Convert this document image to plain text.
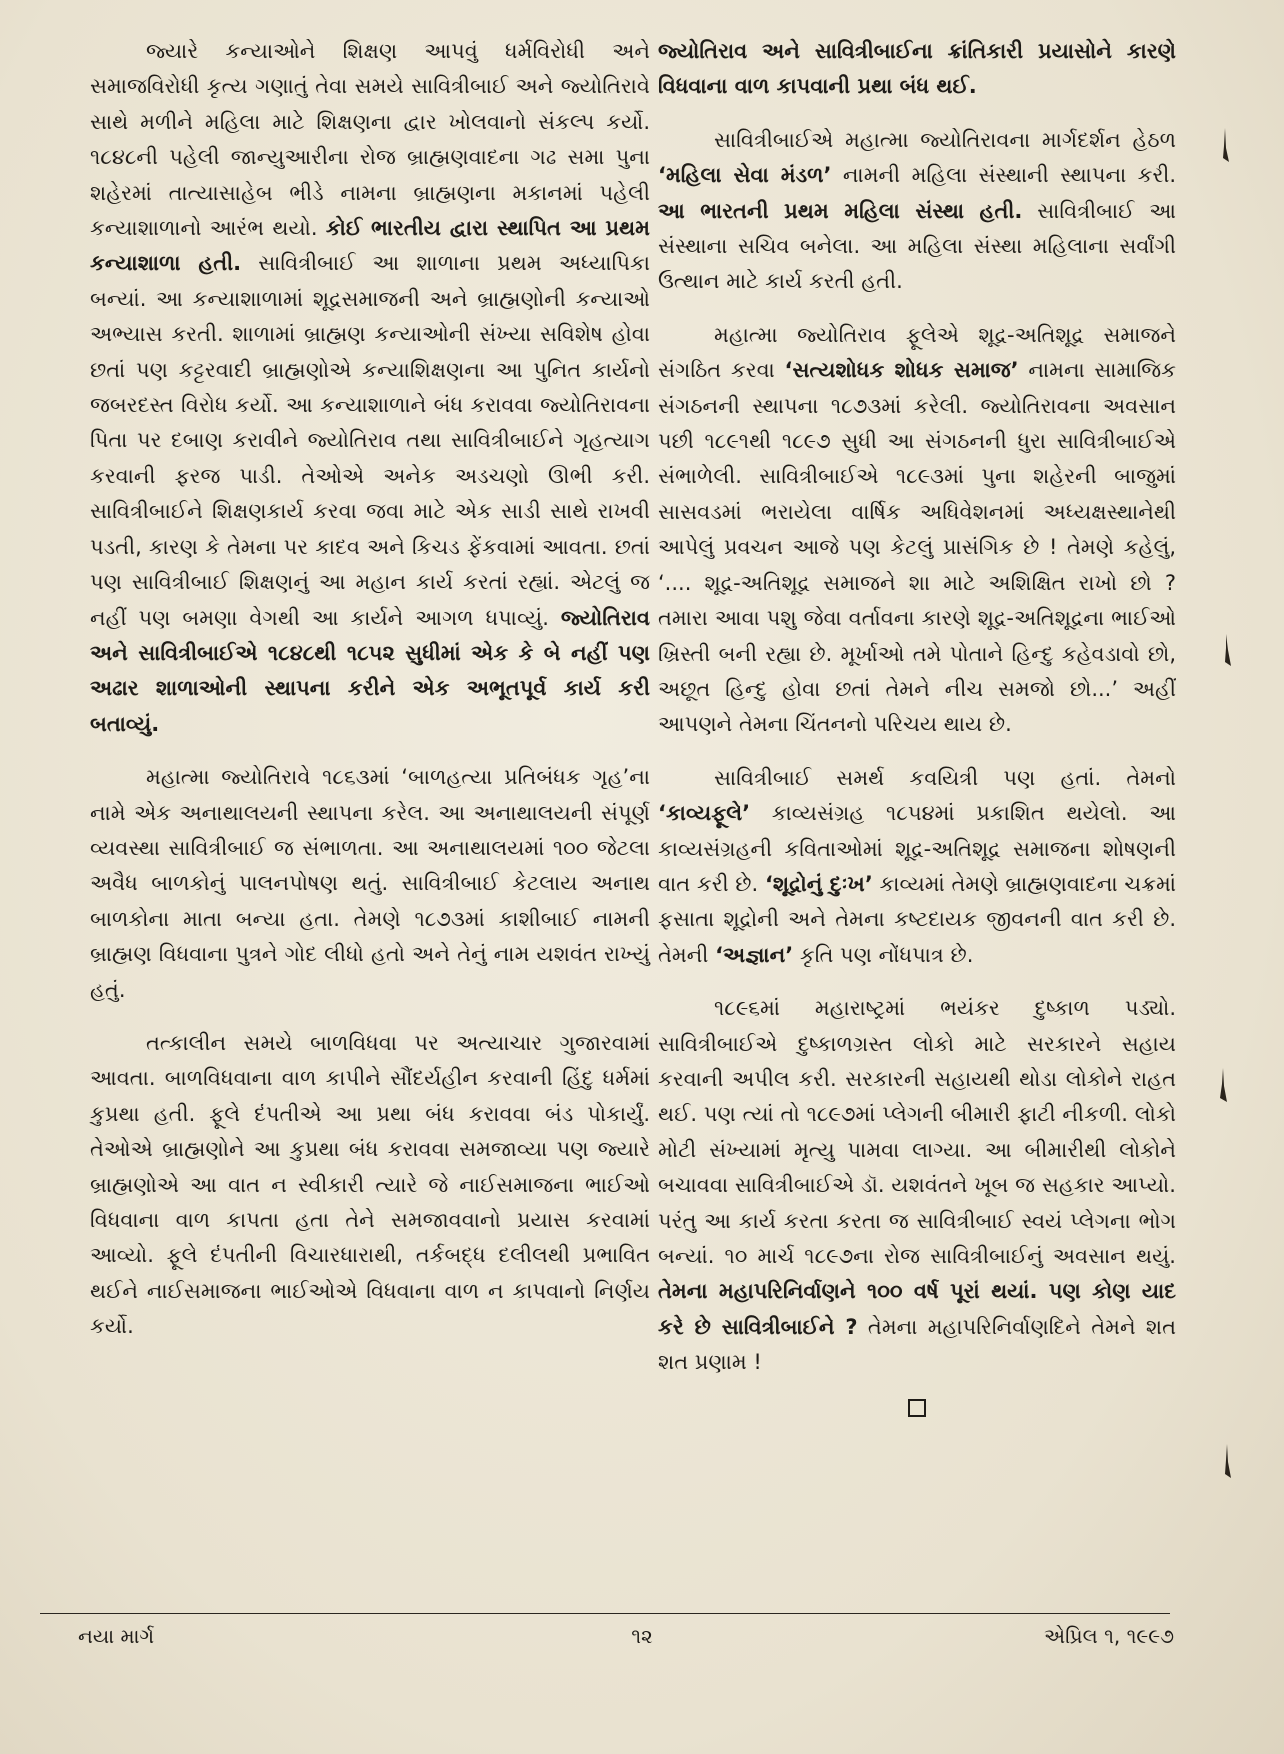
જ્યારે કન્યાઓને શિક્ષણ આપવું ધર્મવિરોધી અને સમાજવિરોધી કૃત્ય ગણાતું તેવા સમયે સાવિત્રીબાઈ અને જ્યોતિરાવે સાથે મળીને મહિલા માટે શિક્ષણના દ્વાર ખોલવાનો સંકલ્પ કર્યો. ૧૮૪૮ની પહેલી જાન્યુઆરીના રોજ બ્રાહ્મણવાદના ગઢ સમા પુના શહેરમાં તાત્યાસાહેબ ભીડે નામના બ્રાહ્મણના મકાનમાં પહેલી કન્યાશાળાનો આરંભ થયો. કોઈ ભારતીય દ્વારા સ્થાપિત આ પ્રથમ કન્યાશાળા હતી. સાવિત્રીબાઈ આ શાળાના પ્રથમ અધ્યાપિકા બન્યાં. આ કન્યાશાળામાં શૂદ્રસમાજની અને બ્રાહ્મણોની કન્યાઓ અભ્યાસ કરતી. શાળામાં બ્રાહ્મણ કન્યાઓની સંખ્યા સવિશેષ હોવા છતાં પણ કટ્ટરવાદી બ્રાહ્મણોએ કન્યાશિક્ષણના આ પુનિત કાર્યનો જબરદસ્ત વિરોધ કર્યો. આ કન્યાશાળાને બંધ કરાવવા જ્યોતિરાવના પિતા પર દબાણ કરાવીને જ્યોતિરાવ તથા સાવિત્રીબાઈને ગૃહત્યાગ કરવાની ફરજ પાડી. તેઓએ અનેક અડચણો ઊભી કરી. સાવિત્રીબાઈને શિક્ષણકાર્ય કરવા જવા માટે એક સાડી સાથે રાખવી પડતી, કારણ કે તેમના પર કાદવ અને કિચડ ફેંકવામાં આવતા. છતાં પણ સાવિત્રીબાઈ શિક્ષણનું આ મહાન કાર્ય કરતાં રહ્યાં. એટલું જ નહીં પણ બમણા વેગથી આ કાર્યને આગળ ધપાવ્યું. જ્યોતિરાવ અને સાવિત્રીબાઈએ ૧૮૪૮થી ૧૮૫૨ સુધીમાં એક કે બે નહીં પણ અઢાર શાળાઓની સ્થાપના કરીને એક અભૂતપૂર્વ કાર્ય કરી બતાવ્યું.

મહાત્મા જ્યોતિરાવે ૧૮૬૩માં ‘બાળહત્યા પ્રતિબંધક ગૃહ’ના નામે એક અનાથાલયની સ્થાપના કરેલ. આ અનાથાલયની સંપૂર્ણ વ્યવસ્થા સાવિત્રીબાઈ જ સંભાળતા. આ અનાથાલયમાં ૧૦૦ જેટલા અવૈધ બાળકોનું પાલનપોષણ થતું. સાવિત્રીબાઈ કેટલાય અનાથ બાળકોના માતા બન્યા હતા. તેમણે ૧૮૭૩માં કાશીબાઈ નામની બ્રાહ્મણ વિધવાના પુત્રને ગોદ લીધો હતો અને તેનું નામ યશવંત રાખ્યું હતું.

તત્કાલીન સમયે બાળવિધવા પર અત્યાચાર ગુજારવામાં આવતા. બાળવિધવાના વાળ કાપીને સૌંદર્યહીન કરવાની હિંદુ ધર્મમાં કુપ્રથા હતી. ફૂલે દંપતીએ આ પ્રથા બંધ કરાવવા બંડ પોકાર્યું. તેઓએ બ્રાહ્મણોને આ કુપ્રથા બંધ કરાવવા સમજાવ્યા પણ જ્યારે બ્રાહ્મણોએ આ વાત ન સ્વીકારી ત્યારે જે નાઈસમાજના ભાઈઓ વિધવાના વાળ કાપતા હતા તેને સમજાવવાનો પ્રયાસ કરવામાં આવ્યો. ફૂલે દંપતીની વિચારધારાથી, તર્કબદ્ધ દલીલથી પ્રભાવિત થઈને નાઈસમાજના ભાઈઓએ વિધવાના વાળ ન કાપવાનો નિર્ણય કર્યો.

જ્યોતિરાવ અને સાવિત્રીબાઈના ક્રાંતિકારી પ્રયાસોને કારણે વિધવાના વાળ કાપવાની પ્રથા બંધ થઈ.

સાવિત્રીબાઈએ મહાત્મા જ્યોતિરાવના માર્ગદર્શન હેઠળ ‘મહિલા સેવા મંડળ’ નામની મહિલા સંસ્થાની સ્થાપના કરી. આ ભારતની પ્રથમ મહિલા સંસ્થા હતી. સાવિત્રીબાઈ આ સંસ્થાના સચિવ બનેલા. આ મહિલા સંસ્થા મહિલાના સર્વાંગી ઉત્થાન માટે કાર્ય કરતી હતી.

મહાત્મા જ્યોતિરાવ ફૂલેએ શૂદ્ર-અતિશૂદ્ર સમાજને સંગઠિત કરવા ‘સત્યશોધક શોધક સમાજ’ નામના સામાજિક સંગઠનની સ્થાપના ૧૮૭૩માં કરેલી. જ્યોતિરાવના અવસાન પછી ૧૮૯૧થી ૧૮૯૭ સુધી આ સંગઠનની ધુરા સાવિત્રીબાઈએ સંભાળેલી. સાવિત્રીબાઈએ ૧૮૯૩માં પુના શહેરની બાજુમાં સાસવડમાં ભરાયેલા વાર્ષિક અધિવેશનમાં અધ્યક્ષસ્થાનેથી આપેલું પ્રવચન આજે પણ કેટલું પ્રાસંગિક છે ! તેમણે કહેલું, ‘.... શૂદ્ર-અતિશૂદ્ર સમાજને શા માટે અશિક્ષિત રાખો છો ? તમારા આવા પશુ જેવા વર્તાવના કારણે શૂદ્ર-અતિશૂદ્રના ભાઈઓ ખ્રિસ્તી બની રહ્યા છે. મૂર્ખાઓ તમે પોતાને હિન્દુ કહેવડાવો છો, અછૂત હિન્દુ હોવા છતાં તેમને નીચ સમજો છો...’ અહીં આપણને તેમના ચિંતનનો પરિચય થાય છે.

સાવિત્રીબાઈ સમર્થ કવયિત્રી પણ હતાં. તેમનો ‘કાવ્યફૂલે’ કાવ્યસંગ્રહ ૧૮૫૪માં પ્રકાશિત થયેલો. આ કાવ્યસંગ્રહની કવિતાઓમાં શૂદ્ર-અતિશૂદ્ર સમાજના શોષણની વાત કરી છે. ‘શૂદ્રોનું દુઃખ’ કાવ્યમાં તેમણે બ્રાહ્મણવાદના ચક્રમાં ફસાતા શૂદ્રોની અને તેમના કષ્ટદાયક જીવનની વાત કરી છે. તેમની ‘અજ્ઞાન’ કૃતિ પણ નોંધપાત્ર છે.

૧૮૯૬માં મહારાષ્ટ્રમાં ભયંકર દુષ્કાળ પડ્યો. સાવિત્રીબાઈએ દુષ્કાળગ્રસ્ત લોકો માટે સરકારને સહાય કરવાની અપીલ કરી. સરકારની સહાયથી થોડા લોકોને રાહત થઈ. પણ ત્યાં તો ૧૮૯૭માં પ્લેગની બીમારી ફાટી નીકળી. લોકો મોટી સંખ્યામાં મૃત્યુ પામવા લાગ્યા. આ બીમારીથી લોકોને બચાવવા સાવિત્રીબાઈએ ડૉ. યશવંતને ખૂબ જ સહકાર આપ્યો. પરંતુ આ કાર્ય કરતા કરતા જ સાવિત્રીબાઈ સ્વયં પ્લેગના ભોગ બન્યાં. ૧૦ માર્ચ ૧૮૯૭ના રોજ સાવિત્રીબાઈનું અવસાન થયું. તેમના મહાપરિનિર્વાણને ૧૦૦ વર્ષ પૂરાં થયાં. પણ કોણ યાદ કરે છે સાવિત્રીબાઈને ? તેમના મહાપરિનિર્વાણદિને તેમને શત શત પ્રણામ !

નયા માર્ગ	૧૨	એપ્રિલ ૧, ૧૯૯૭
